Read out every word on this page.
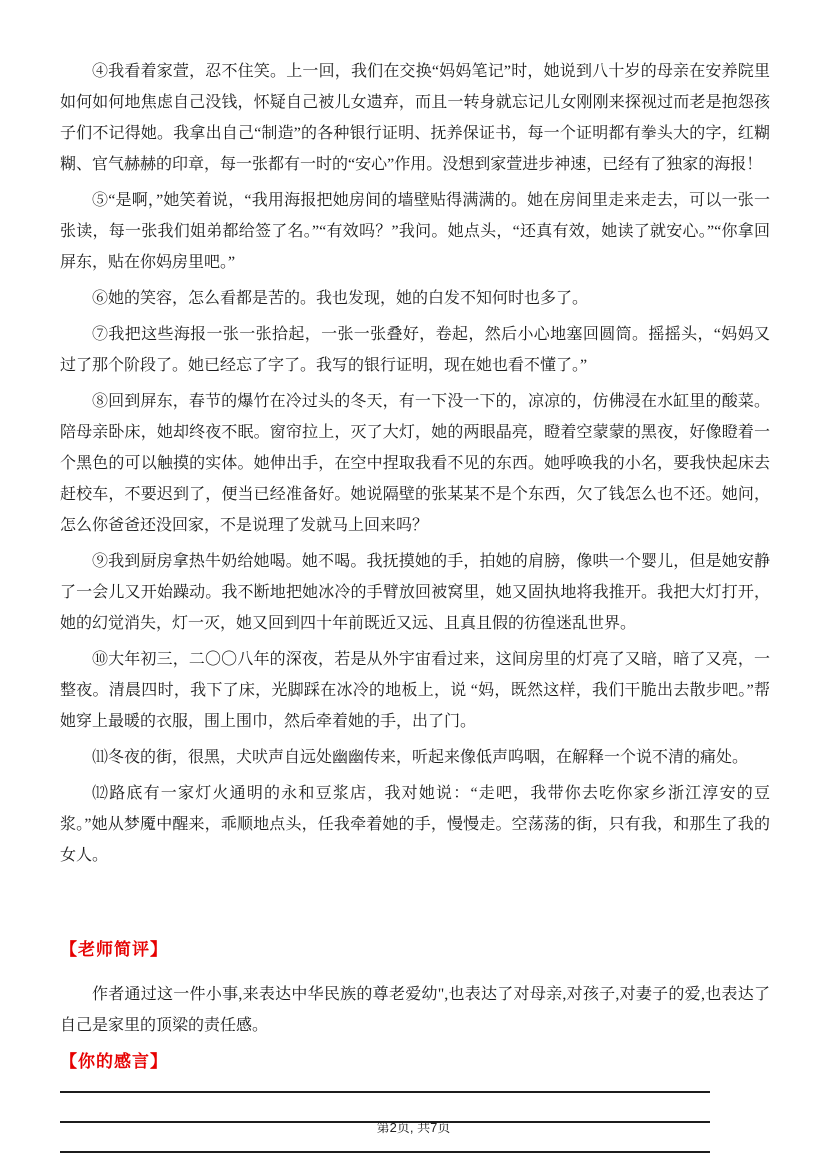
④我看着家萱，忍不住笑。上一回，我们在交换“妈妈笔记”时，她说到八十岁的母亲在安养院里如何如何地焦虑自己没钱，怀疑自己被儿女遗弃，而且一转身就忘记儿女刚刚来探视过而老是抱怨孩子们不记得她。我拿出自己“制造”的各种银行证明、抚养保证书，每一个证明都有拳头大的字，红糊糊、官气赫赫的印章，每一张都有一时的“安心”作用。没想到家萱进步神速，已经有了独家的海报！

⑤“是啊，”她笑着说，“我用海报把她房间的墙壁贴得满满的。她在房间里走来走去，可以一张一张读，每一张我们姐弟都给签了名。”“有效吗？”我问。她点头，“还真有效，她读了就安心。”“你拿回屏东，贴在你妈房里吧。”

⑥她的笑容，怎么看都是苦的。我也发现，她的白发不知何时也多了。

⑦我把这些海报一张一张拾起，一张一张叠好，卷起，然后小心地塞回圆筒。摇摇头，“妈妈又过了那个阶段了。她已经忘了字了。我写的银行证明，现在她也看不懂了。”

⑧回到屏东，春节的爆竹在冷过头的冬天，有一下没一下的，凉凉的，仿佛浸在水缸里的酸菜。陪母亲卧床，她却终夜不眠。窗帘拉上，灭了大灯，她的两眼晶亮，瞪着空蒙蒙的黑夜，好像瞪着一个黑色的可以触摸的实体。她伸出手，在空中捏取我看不见的东西。她呼唤我的小名，要我快起床去赶校车，不要迟到了，便当已经准备好。她说隔壁的张某某不是个东西，欠了钱怎么也不还。她问，怎么你爸爸还没回家，不是说理了发就马上回来吗？

⑨我到厨房拿热牛奶给她喝。她不喝。我抚摸她的手，拍她的肩膀，像哄一个婴儿，但是她安静了一会儿又开始躁动。我不断地把她冰冷的手臂放回被窝里，她又固执地将我推开。我把大灯打开，她的幻觉消失，灯一灭，她又回到四十年前既近又远、且真且假的彷徨迷乱世界。

⑩大年初三，二〇〇八年的深夜，若是从外宇宙看过来，这间房里的灯亮了又暗，暗了又亮，一整夜。清晨四时，我下了床，光脚踩在冰冷的地板上，说 “妈，既然这样，我们干脆出去散步吧。”帮她穿上最暖的衣服，围上围巾，然后牵着她的手，出了门。

⑾冬夜的街，很黑，犬吠声自远处幽幽传来，听起来像低声呜咽，在解释一个说不清的痛处。

⑿路底有一家灯火通明的永和豆浆店，我对她说：“走吧，我带你去吃你家乡浙江淳安的豆浆。”她从梦魇中醒来，乖顺地点头，任我牵着她的手，慢慢走。空荡荡的街，只有我，和那生了我的女人。

【老师简评】

作者通过这一件小事,来表达中华民族的尊老爱幼",也表达了对母亲,对孩子,对妻子的爱,也表达了自己是家里的顶梁的责任感。

【你的感言】
第2页, 共7页
